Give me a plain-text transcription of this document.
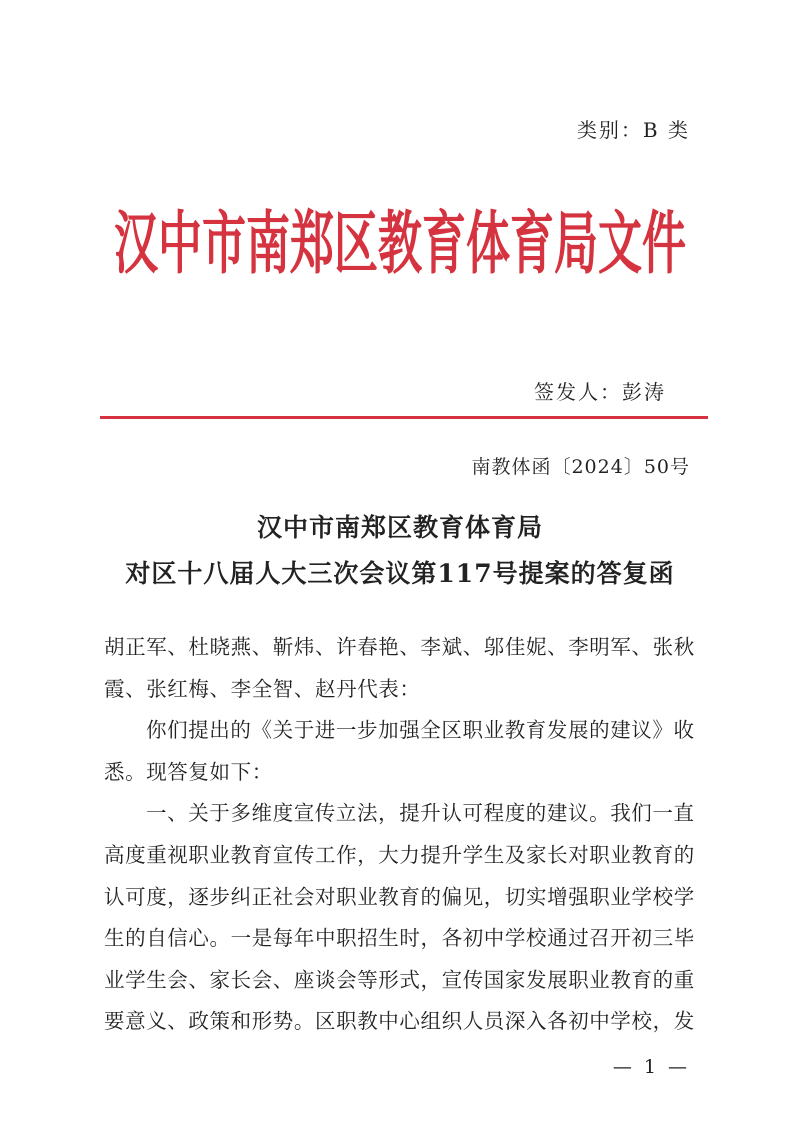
类别：B 类
汉中市南郑区教育体育局文件
签发人：彭涛
南教体函〔2024〕50号
汉中市南郑区教育体育局
对区十八届人大三次会议第117号提案的答复函
胡正军、杜晓燕、靳炜、许春艳、李斌、邬佳妮、李明军、张秋
霞、张红梅、李全智、赵丹代表：
你们提出的《关于进一步加强全区职业教育发展的建议》收
悉。现答复如下：
一、关于多维度宣传立法，提升认可程度的建议。我们一直
高度重视职业教育宣传工作，大力提升学生及家长对职业教育的
认可度，逐步纠正社会对职业教育的偏见，切实增强职业学校学
生的自信心。一是每年中职招生时，各初中学校通过召开初三毕
业学生会、家长会、座谈会等形式，宣传国家发展职业教育的重
要意义、政策和形势。区职教中心组织人员深入各初中学校，发
— 1 —
